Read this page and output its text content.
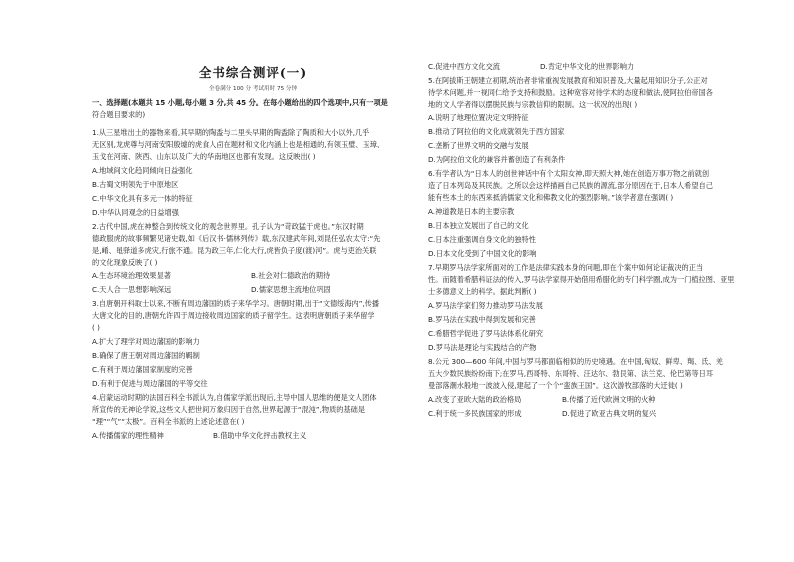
全书综合测评(一)
全卷满分 100 分 考试用时 75 分钟
一、选择题(本题共 15 小题,每小题 3 分,共 45 分。在每小题给出的四个选项中,只有一项是
符合题目要求的)
1.从三星堆出土的器物来看,其早期的陶盉与二里头早期的陶盉除了陶质和大小以外,几乎
无区别,龙虎尊与河南安阳殷墟的虎食人卣在题材和文化内涵上也是相通的,有领玉璧、玉璋、
玉戈在河南、陕西、山东以及广大的华南地区也都有发现。这反映出( )
A.地域间文化趋同倾向日益强化
B.古蜀文明领先于中原地区
C.中华文化具有多元一体的特征
D.中华认同观念的日益增强
2.古代中国,虎在神整合到传统文化的观念世界里。孔子认为“苛政猛于虎也。”东汉时期
德政服虎的故事频繁见诸史载,如《后汉书·儒林列传》载,东汉建武年间,刘昆任弘农太守:“先
是,崤、黾驿道多虎灾,行旅不通。昆为政三年,仁化大行,虎皆负子度(渡)河”。虎与吏治关联
的文化现象反映了( )
A.生态环境治理效果显著	B.社会对仁德政治的期待
C.天人合一思想影响深远	D.儒家思想主流地位巩固
3.自唐朝开科取士以来,不断有周边藩国的质子来华学习。唐朝时期,出于“文德绥海内”,传播
大唐文化的目的,唐朝允许四于周边接收周边国家的质子留学生。这表明唐朝质子来华留学
( )
A.扩大了理学对周边藩国的影响力
B.确保了唐王朝对周边藩国的羁制
C.有利于周边藩国家制度的完善
D.有利于促进与周边藩国的平等交往
4.启蒙运动时期的法国百科全书派认为,自儒家学派出现后,主导中国人思维的便是文人团体
所宣传的无神论学说,这些文人把世间万象归因于自然,世界起源于“混沌”,物质的基础是
“理”“气”“太极”。百科全书派的上述论述意在( )
A.传播儒家的理性精神	B.借助中华文化抨击教权主义
C.促进中西方文化交流	D.肯定中华文化的世界影响力
5.在阿拔斯王朝建立初期,统治者非常重视发展教育和知识普及,大量起用知识分子,公正对
待学术问题,并一视同仁给予支持和鼓励。这种宽容对待学术的态度和做法,使阿拉伯帝国各
地的文人学者得以摆脱民族与宗教信仰的限制。这一状况的出现( )
A.说明了地理位置决定文明特征
B.推动了阿拉伯的文化成就领先于西方国家
C.垄断了世界文明的交融与发展
D.为阿拉伯文化的兼容并蓄创造了有利条件
6.有学者认为“日本人的创世神话中有个太阳女神,即天照大神,她在创造万事万物之前就创
造了日本列岛及其民族。之所以会这样描画自己民族的源流,部分原因在于,日本人希望自己
能有些本土的东西来抵消儒家文化和佛教文化的强烈影响。”该学者意在强调( )
A.神道教是日本的主要宗教
B.日本独立发展出了自己的文化
C.日本注重强调自身文化的独特性
D.日本文化受到了中国文化的影响
7.早期罗马法学家所面对的工作是法律实践本身的问题,即在个案中如何论证裁决的正当
性。而随着希腊科证法的传入,罗马法学家得开始借用希腊化的专门科学圈,成为一门植拉图、亚里
士多德意义上的科学。据此判断( )
A.罗马法学家们努力推动罗马法发展
B.罗马法在实践中得到发展和完善
C.希腊哲学促进了罗马法体系化研究
D.罗马法是理论与实践结合的产物
8.公元 300—600 年间,中国与罗马都面临相似的历史境遇。在中国,匈奴、鲜卑、羯、氐、羌
五大少数民族纷纷南下;在罗马,西哥特、东哥特、汪达尔、勃艮第、法兰克、伦巴第等日耳
曼部落潮水般地一波波入侵,建起了一个个“蛮族王国”。这次游牧部落的大迁徙( )
A.改变了亚欧大陆的政治格局	B.传播了近代欧洲文明的火种
C.利于统一多民族国家的形成	D.促进了欧亚古典文明的复兴
